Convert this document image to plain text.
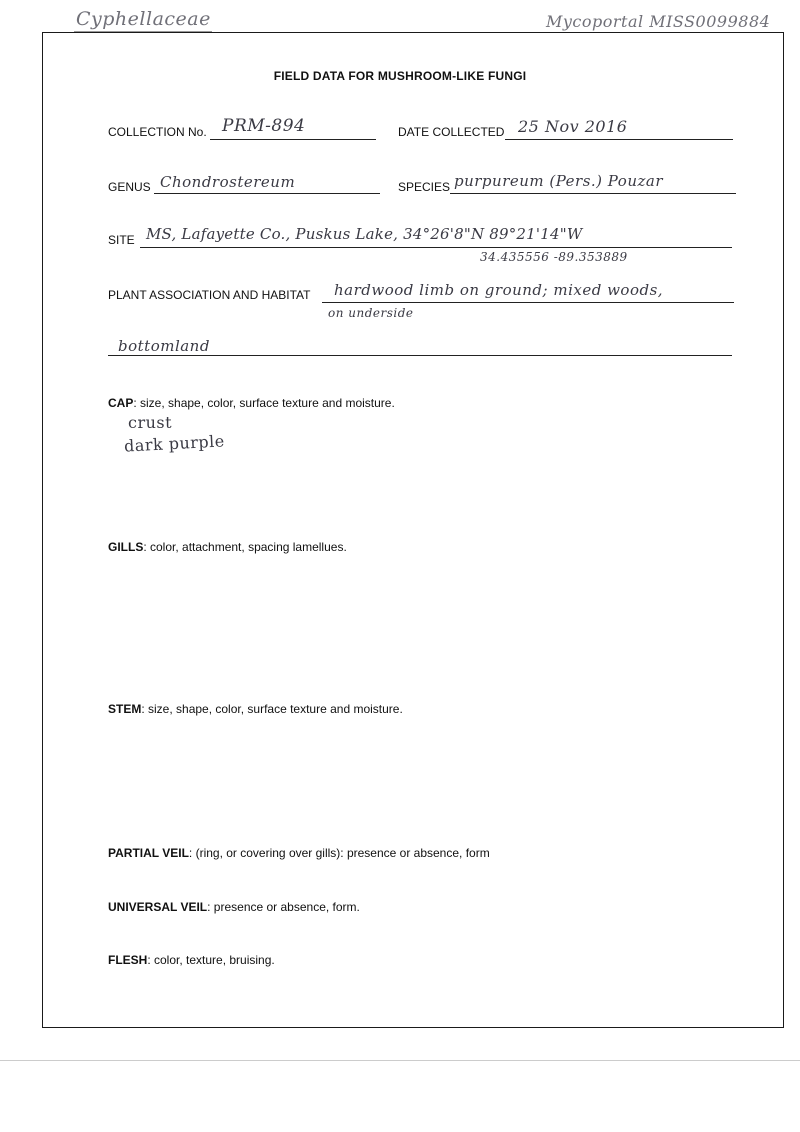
Cyphellaceae	Mycoportal MISS0099884
FIELD DATA FOR MUSHROOM-LIKE FUNGI
COLLECTION No. PRM-894	DATE COLLECTED 25 Nov 2016
GENUS Chondrostereum	SPECIES purpureum (Pers.) Pouzar
SITE MS, Lafayette Co., Puskus Lake, 34°26'8"N 89°21'14"W
34.435556 -89.353889
PLANT ASSOCIATION AND HABITAT hardwood limb on ground; mixed woods,
on underside
bottomland
CAP: size, shape, color, surface texture and moisture.
crust
dark purple
GILLS: color, attachment, spacing lamellues.
STEM: size, shape, color, surface texture and moisture.
PARTIAL VEIL: (ring, or covering over gills): presence or absence, form
UNIVERSAL VEIL: presence or absence, form.
FLESH: color, texture, bruising.
